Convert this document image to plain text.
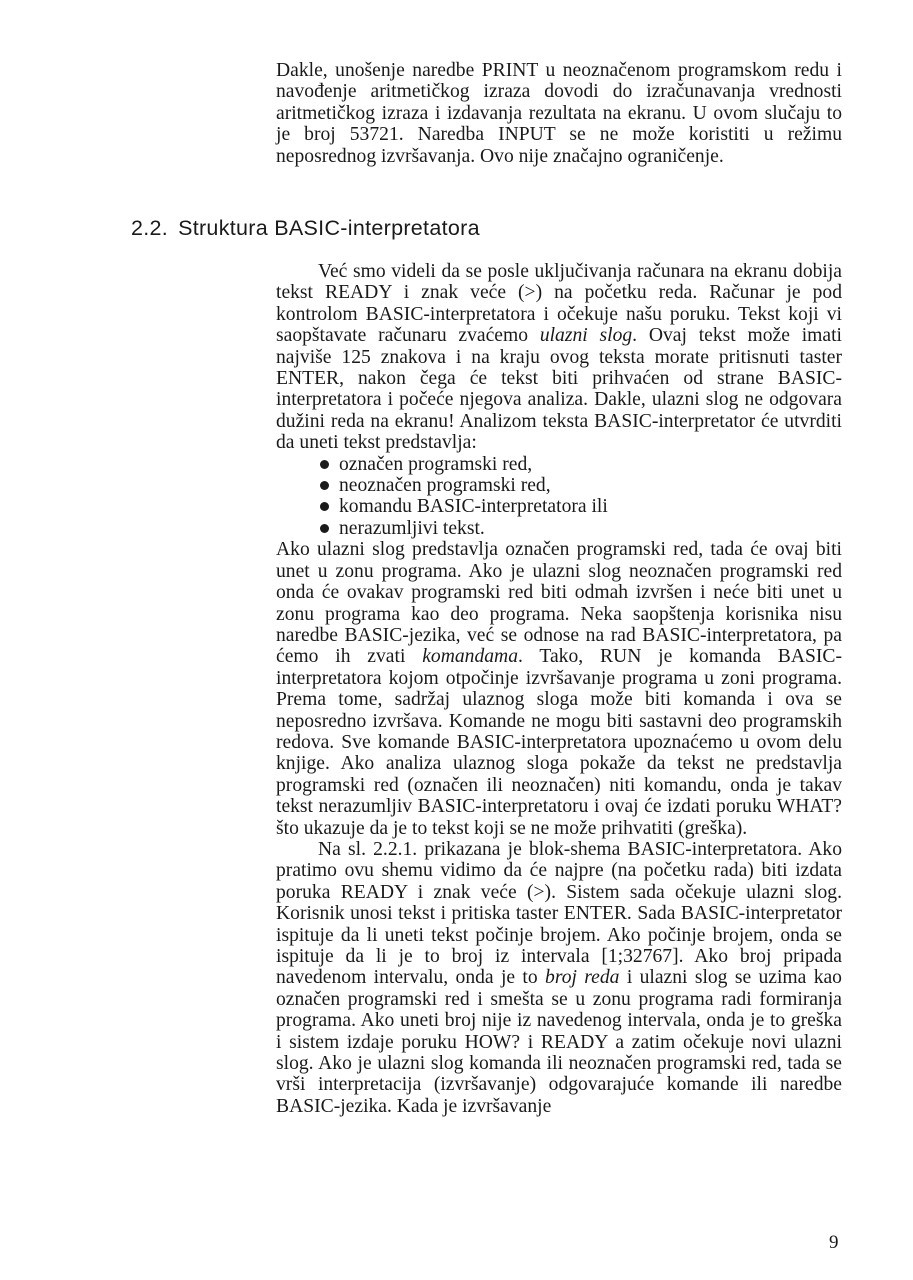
Dakle, unošenje naredbe PRINT u neoznačenom programskom redu i navođenje aritmetičkog izraza dovodi do izračunavanja vrednosti aritmetičkog izraza i izdavanja rezultata na ekranu. U ovom slučaju to je broj 53721. Naredba INPUT se ne može koristiti u režimu neposrednog izvršavanja. Ovo nije značajno ograničenje.

2.2. Struktura BASIC-interpretatora

Već smo videli da se posle uključivanja računara na ekranu dobija tekst READY i znak veće (>) na početku reda. Računar je pod kontrolom BASIC-interpretatora i očekuje našu poruku. Tekst koji vi saopštavate računaru zvaćemo ulazni slog. Ovaj tekst može imati najviše 125 znakova i na kraju ovog teksta morate pritisnuti taster ENTER, nakon čega će tekst biti prihvaćen od strane BASIC-interpretatora i počeće njegova analiza. Dakle, ulazni slog ne odgovara dužini reda na ekranu! Analizom teksta BASIC-interpretator će utvrditi da uneti tekst predstavlja:

označen programski red,
neoznačen programski red,
komandu BASIC-interpretatora ili
nerazumljivi tekst.

Ako ulazni slog predstavlja označen programski red, tada će ovaj biti unet u zonu programa. Ako je ulazni slog neoznačen programski red onda će ovakav programski red biti odmah izvršen i neće biti unet u zonu programa kao deo programa. Neka saopštenja korisnika nisu naredbe BASIC-jezika, već se odnose na rad BASIC-interpretatora, pa ćemo ih zvati komandama. Tako, RUN je komanda BASIC-interpretatora kojom otpočinje izvršavanje programa u zoni programa. Prema tome, sadržaj ulaznog sloga može biti komanda i ova se neposredno izvršava. Komande ne mogu biti sastavni deo programskih redova. Sve komande BASIC-interpretatora upoznaćemo u ovom delu knjige. Ako analiza ulaznog sloga pokaže da tekst ne predstavlja programski red (označen ili neoznačen) niti komandu, onda je takav tekst nerazumljiv BASIC-interpretatoru i ovaj će izdati poruku WHAT? što ukazuje da je to tekst koji se ne može prihvatiti (greška).

Na sl. 2.2.1. prikazana je blok-shema BASIC-interpretatora. Ako pratimo ovu shemu vidimo da će najpre (na početku rada) biti izdata poruka READY i znak veće (>). Sistem sada očekuje ulazni slog. Korisnik unosi tekst i pritiska taster ENTER. Sada BASIC-interpretator ispituje da li uneti tekst počinje brojem. Ako počinje brojem, onda se ispituje da li je to broj iz intervala [1;32767]. Ako broj pripada navedenom intervalu, onda je to broj reda i ulazni slog se uzima kao označen programski red i smešta se u zonu programa radi formiranja programa. Ako uneti broj nije iz navedenog intervala, onda je to greška i sistem izdaje poruku HOW? i READY a zatim očekuje novi ulazni slog. Ako je ulazni slog komanda ili neoznačen programski red, tada se vrši interpretacija (izvršavanje) odgovarajuće komande ili naredbe BASIC-jezika. Kada je izvršavanje

9
